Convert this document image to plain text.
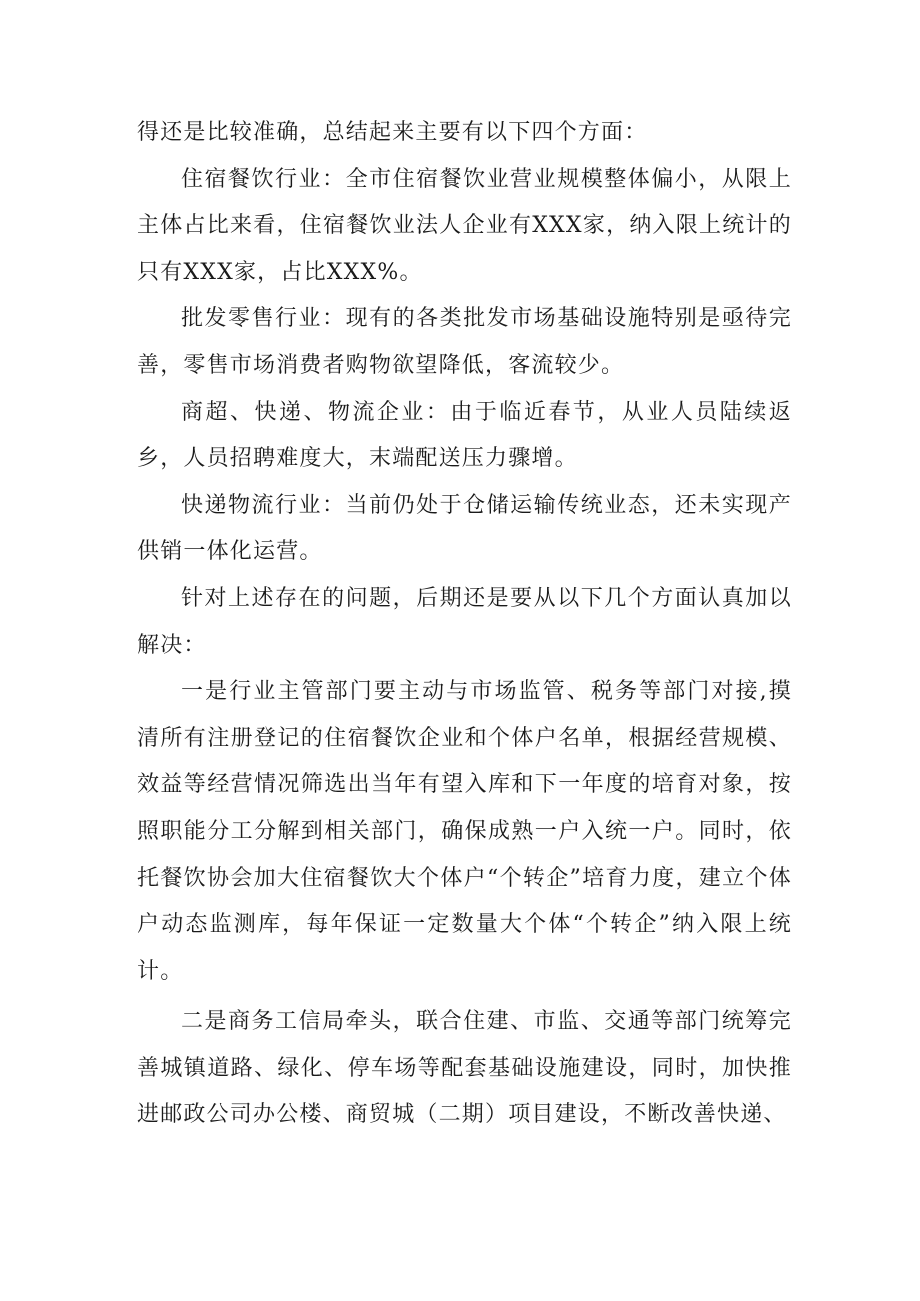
得还是比较准确，总结起来主要有以下四个方面：

住宿餐饮行业：全市住宿餐饮业营业规模整体偏小，从限上主体占比来看，住宿餐饮业法人企业有XXX家，纳入限上统计的只有XXX家，占比XXX%。

批发零售行业：现有的各类批发市场基础设施特别是亟待完善，零售市场消费者购物欲望降低，客流较少。

商超、快递、物流企业：由于临近春节，从业人员陆续返乡，人员招聘难度大，末端配送压力骤增。

快递物流行业：当前仍处于仓储运输传统业态，还未实现产供销一体化运营。

针对上述存在的问题，后期还是要从以下几个方面认真加以解决：

一是行业主管部门要主动与市场监管、税务等部门对接,摸清所有注册登记的住宿餐饮企业和个体户名单，根据经营规模、效益等经营情况筛选出当年有望入库和下一年度的培育对象，按照职能分工分解到相关部门，确保成熟一户入统一户。同时，依托餐饮协会加大住宿餐饮大个体户“个转企”培育力度，建立个体户动态监测库，每年保证一定数量大个体“个转企”纳入限上统计。

二是商务工信局牵头，联合住建、市监、交通等部门统筹完善城镇道路、绿化、停车场等配套基础设施建设，同时，加快推进邮政公司办公楼、商贸城（二期）项目建设，不断改善快递、
